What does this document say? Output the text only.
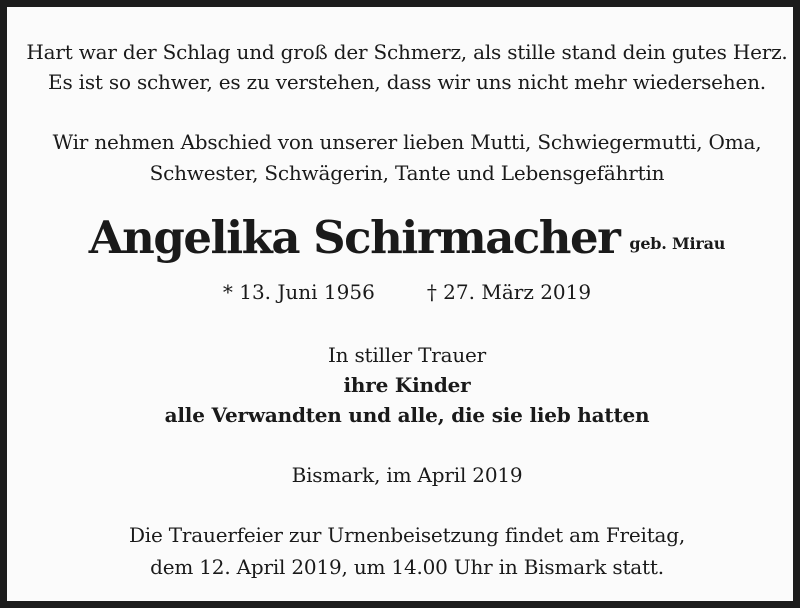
Hart war der Schlag und groß der Schmerz, als stille stand dein gutes Herz.
Es ist so schwer, es zu verstehen, dass wir uns nicht mehr wiedersehen.
Wir nehmen Abschied von unserer lieben Mutti, Schwiegermutti, Oma,
Schwester, Schwägerin, Tante und Lebensgefährtin
Angelika Schirmacher geb. Mirau
* 13. Juni 1956	† 27. März 2019
In stiller Trauer
ihre Kinder
alle Verwandten und alle, die sie lieb hatten
Bismark, im April 2019
Die Trauerfeier zur Urnenbeisetzung findet am Freitag,
dem 12. April 2019, um 14.00 Uhr in Bismark statt.
